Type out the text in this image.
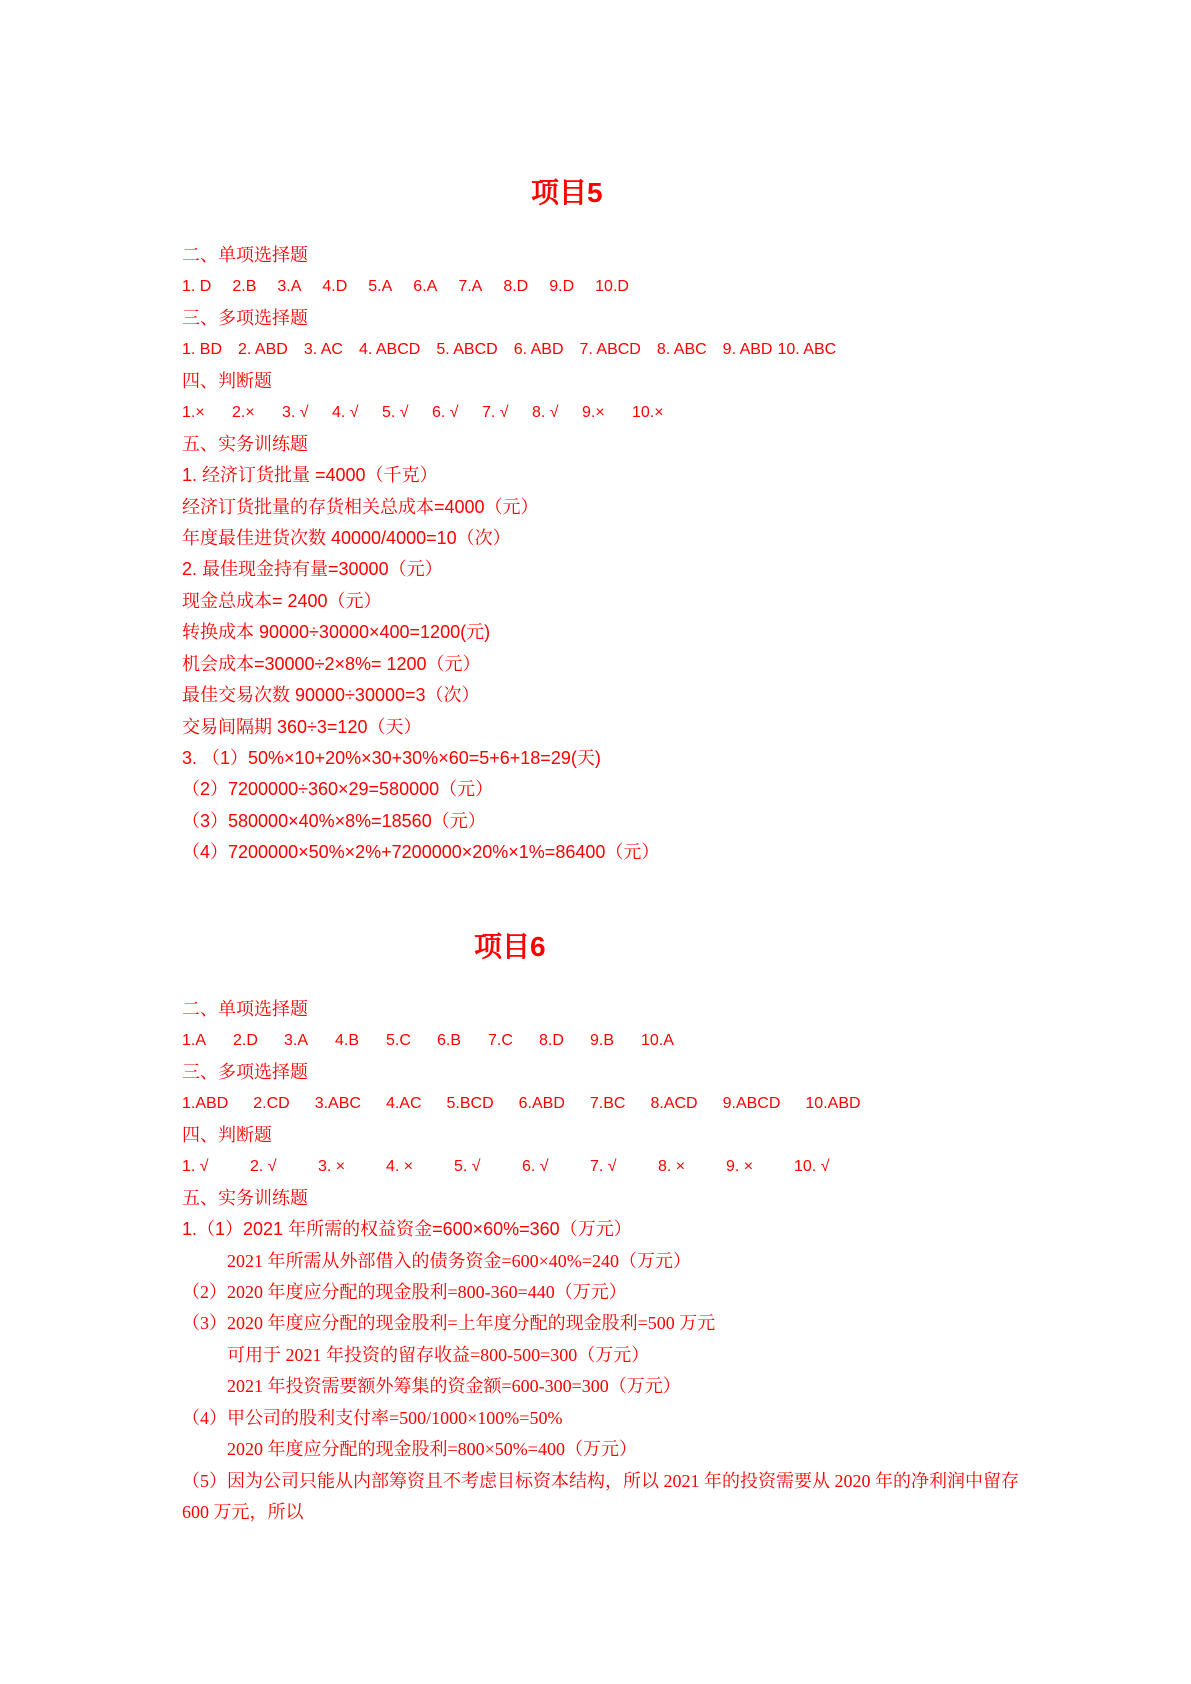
项目5
二、单项选择题
1. D 2.B 3.A 4.D 5.A 6.A 7.A 8.D 9.D 10.D
三、多项选择题
1. BD 2. ABD 3. AC 4. ABCD 5. ABCD 6. ABD 7. ABCD 8. ABC 9. ABD 10. ABC
四、判断题
1.×	2.×	3. √	4. √	5. √	6. √	7. √	8. √	9.×	10.×
五、实务训练题
1. 经济订货批量 =4000（千克）
经济订货批量的存货相关总成本=4000（元）
年度最佳进货次数 40000/4000=10（次）
2. 最佳现金持有量=30000（元）
现金总成本= 2400（元）
转换成本 90000÷30000×400=1200(元)
机会成本=30000÷2×8%= 1200（元）
最佳交易次数 90000÷30000=3（次）
交易间隔期 360÷3=120（天）
3. （1）50%×10+20%×30+30%×60=5+6+18=29(天)
（2）7200000÷360×29=580000（元）
（3）580000×40%×8%=18560（元）
（4）7200000×50%×2%+7200000×20%×1%=86400（元）
项目6
二、单项选择题
1.A	2.D	3.A	4.B	5.C	6.B	7.C	8.D	9.B	10.A
三、多项选择题
1.ABD 2.CD 3.ABC 4.AC 5.BCD 6.ABD 7.BC 8.ACD 9.ABCD 10.ABD
四、判断题
1. √	2. √	3. ×	4. ×	5. √	6. √	7. √	8. ×	9. ×	10. √
五、实务训练题
1.（1）2021 年所需的权益资金=600×60%=360（万元）
2021 年所需从外部借入的债务资金=600×40%=240（万元）
（2）2020 年度应分配的现金股利=800-360=440（万元）
（3）2020 年度应分配的现金股利=上年度分配的现金股利=500 万元
可用于 2021 年投资的留存收益=800-500=300（万元）
2021 年投资需要额外筹集的资金额=600-300=300（万元）
（4）甲公司的股利支付率=500/1000×100%=50%
2020 年度应分配的现金股利=800×50%=400（万元）
（5）因为公司只能从内部筹资且不考虑目标资本结构，所以 2021 年的投资需要从 2020 年的净利润中留存
600 万元，所以
